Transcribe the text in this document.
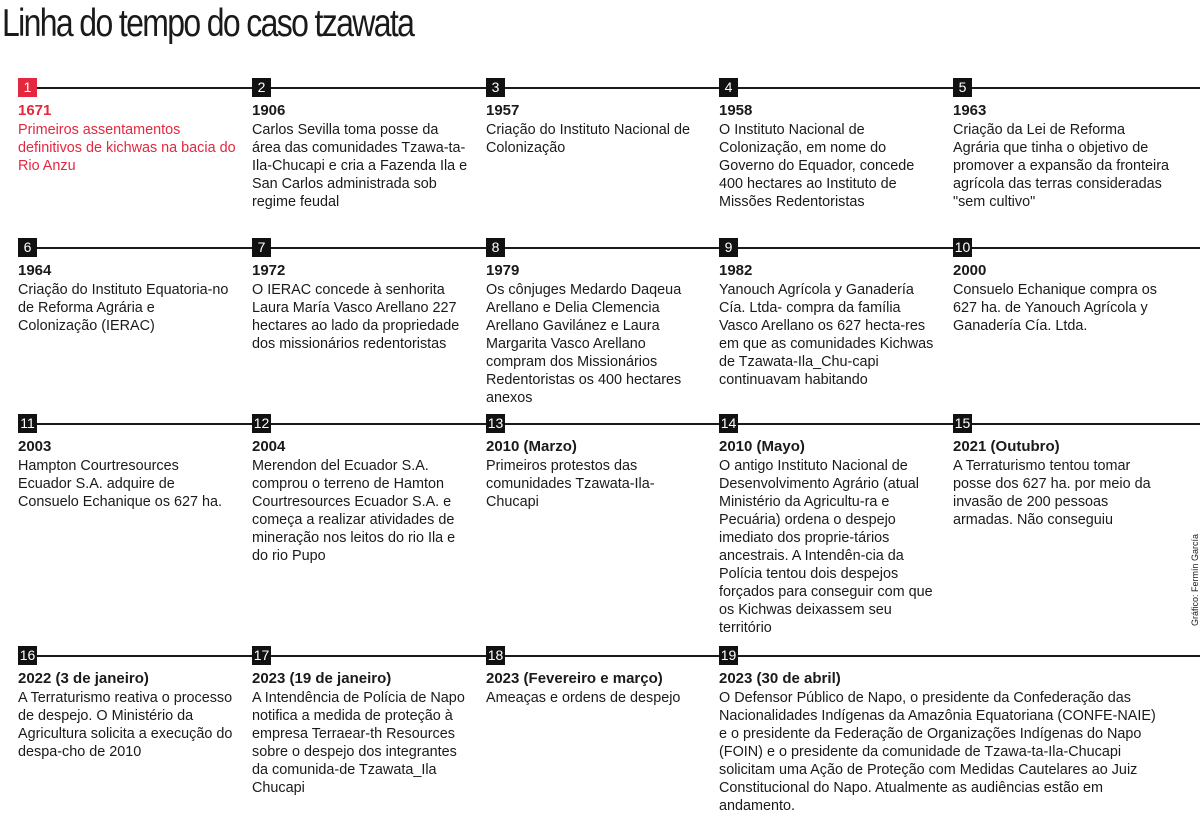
Linha do tempo do caso tzawata
Gráfico: Fermín García
1
1671
Primeiros assentamentos definitivos de kichwas na bacia do Rio Anzu
2
1906
Carlos Sevilla toma posse da área das comunidades Tzawa-ta-Ila-Chucapi e cria a Fazenda Ila e San Carlos administrada sob regime feudal
3
1957
Criação do Instituto Nacional de Colonização
4
1958
O Instituto Nacional de Colonização, em nome do Governo do Equador, concede 400 hectares ao Instituto de Missões Redentoristas
5
1963
Criação da Lei de Reforma Agrária que tinha o objetivo de promover a expansão da fronteira agrícola das terras consideradas "sem cultivo"
6
1964
Criação do Instituto Equatoria-no de Reforma Agrária e Colonização (IERAC)
7
1972
O IERAC concede à senhorita Laura María Vasco Arellano 227 hectares ao lado da propriedade dos missionários redentoristas
8
1979
Os cônjuges Medardo Daqeua Arellano e Delia Clemencia Arellano Gavilánez e Laura Margarita Vasco Arellano compram dos Missionários Redentoristas os 400 hectares anexos
9
1982
Yanouch Agrícola y Ganadería Cía. Ltda- compra da família Vasco Arellano os 627 hecta-res em que as comunidades Kichwas de Tzawata-Ila_Chu-capi continuavam habitando
10
2000
Consuelo Echanique compra os 627 ha. de Yanouch Agrícola y Ganadería Cía. Ltda.
11
2003
Hampton Courtresources Ecuador S.A. adquire de Consuelo Echanique os 627 ha.
12
2004
Merendon del Ecuador S.A. comprou o terreno de Hamton Courtresources Ecuador S.A. e começa a realizar atividades de mineração nos leitos do rio Ila e do rio Pupo
13
2010 (Marzo)
Primeiros protestos das comunidades Tzawata-Ila-Chucapi
14
2010 (Mayo)
O antigo Instituto Nacional de Desenvolvimento Agrário (atual Ministério da Agricultu-ra e Pecuária) ordena o despejo imediato dos proprie-tários ancestrais. A Intendên-cia da Polícia tentou dois despejos forçados para conseguir com que os Kichwas deixassem seu território
15
2021 (Outubro)
A Terraturismo tentou tomar posse dos 627 ha. por meio da invasão de 200 pessoas armadas. Não conseguiu
16
2022 (3 de janeiro)
A Terraturismo reativa o processo de despejo. O Ministério da Agricultura solicita a execução do despa-cho de 2010
17
2023 (19 de janeiro)
A Intendência de Polícia de Napo notifica a medida de proteção à empresa Terraear-th Resources sobre o despejo dos integrantes da comunida-de Tzawata_Ila Chucapi
18
2023 (Fevereiro e março)
Ameaças e ordens de despejo
19
2023 (30 de abril)
O Defensor Público de Napo, o presidente da Confederação das Nacionalidades Indígenas da Amazônia Equatoriana (CONFE-NAIE) e o presidente da Federação de Organizações Indígenas do Napo (FOIN) e o presidente da comunidade de Tzawa-ta-Ila-Chucapi solicitam uma Ação de Proteção com Medidas Cautelares ao Juiz Constitucional do Napo. Atualmente as audiências estão em andamento.
